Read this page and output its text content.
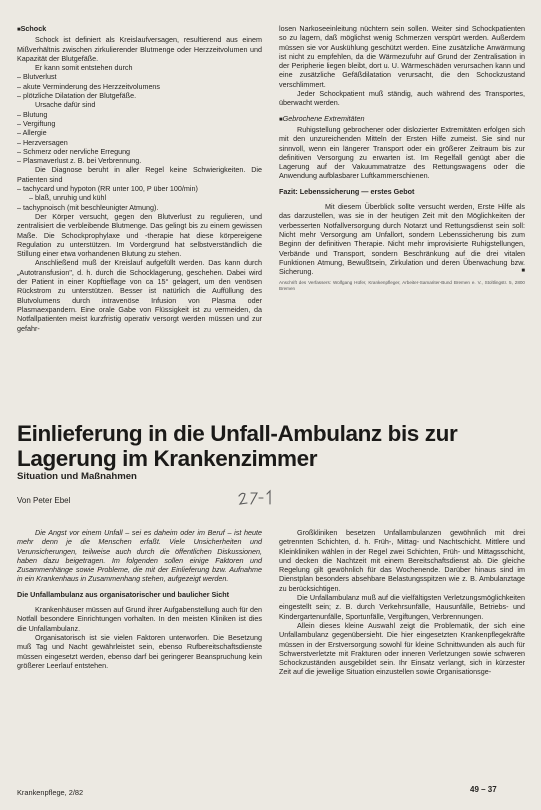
■ Schock

Schock ist definiert als Kreislaufversagen, resultierend aus einem Mißverhältnis zwischen zirkulierender Blutmenge oder Herzzeitvolumen und Kapazität der Blutgefäße.

Er kann somit entstehen durch

– Blutverlust

– akute Verminderung des Herzzeitvolumens

– plötzliche Dilatation der Blutgefäße.

Ursache dafür sind

– Blutung

– Vergiftung

– Allergie

– Herzversagen

– Schmerz oder nervliche Erregung

– Plasmaverlust z. B. bei Verbrennung.

Die Diagnose beruht in aller Regel keine Schwierigkeiten. Die Patienten sind

– tachycard und hypoton (RR unter 100, P über 100/min)

– blaß, unruhig und kühl

– tachypnoisch (mit beschleunigter Atmung).

Der Körper versucht, gegen den Blutverlust zu regulieren, und zentralisiert die verbleibende Blutmenge. Das gelingt bis zu einem gewissen Maße. Die Schockprophylaxe und -therapie hat diese körpereigene Regulation zu unterstützen. Im Vordergrund hat selbstverständlich die Stillung einer etwa vorhandenen Blutung zu stehen.

Anschließend muß der Kreislauf aufgefüllt werden. Das kann durch „Autotransfusion", d. h. durch die Schocklagerung, geschehen. Dabei wird der Patient in einer Kopftieflage von ca 15° gelagert, um den venösen Rückstrom zu unterstützen. Besser ist natürlich die Auffüllung des Blutvolumens durch intravenöse Infusion von Plasma oder Plasmaexpandern. Eine orale Gabe von Flüssigkeit ist zu vermeiden, da Notfallpatienten meist kurzfristig operativ versorgt werden müssen und zur gefahr-

losen Narkoseeinleitung nüchtern sein sollen. Weiter sind Schockpatienten so zu lagern, daß möglichst wenig Schmerzen verspürt werden. Außerdem müssen sie vor Auskühlung geschützt werden. Eine zusätzliche Anwärmung ist nicht zu empfehlen, da die Wärmezufuhr auf Grund der Zentralisation in der Peripherie liegen bleibt, dort u. U. Wärmeschäden verursachen kann und eine zusätzliche Gefäßdilatation verursacht, die den Schockzustand verschlimmert.

Jeder Schockpatient muß ständig, auch während des Transportes, überwacht werden.

■ Gebrochene Extremitäten

Ruhigstellung gebrochener oder dislozierter Extremitäten erfolgen sich mit den unzureichenden Mitteln der Ersten Hilfe zumeist. Sie sind nur sinnvoll, wenn ein längerer Transport oder ein größerer Zeitraum bis zur definitiven Versorgung zu erwarten ist. Im Regelfall genügt aber die Lagerung auf der Vakuummatratze des Rettungswagens oder die Anwendung aufblasbarer Luftkammerschienen.

Fazit: Lebenssicherung — erstes Gebot

Mit diesem Überblick sollte versucht werden, Erste Hilfe als das darzustellen, was sie in der heutigen Zeit mit den Möglichkeiten der verbesserten Notfallversorgung durch Notarzt und Rettungsdienst sein soll: Nicht mehr Versorgung am Unfallort, sondern Lebenssicherung bis zum Beginn der definitiven Therapie. Nicht mehr improvisierte Ruhigstellungen, Verbände und Transport, sondern Beschränkung auf die drei vitalen Funktionen Atmung, Bewußtsein, Zirkulation und deren Überwachung bzw. Sicherung.	■

Anschrift des Verfassers: Wolfgang Hüfer, Krankenpfleger, Arbeiter-Samariter-Bund Bremen e. V., Stoltlingstr. 5, 2800 Bremen

Einlieferung in die Unfall-Ambulanz bis zur Lagerung im Krankenzimmer
Situation und Maßnahmen
Von Peter Ebel

Die Angst vor einem Unfall – sei es daheim oder im Beruf – ist heute mehr denn je die Menschen erfaßt. Viele Unsicherheiten und Verunsicherungen, teilweise auch durch die öffentlichen Diskussionen, haben dazu beigetragen. Im folgenden sollen einige Faktoren und Zusammenhänge sowie Probleme, die mit der Einlieferung bzw. Aufnahme in ein Krankenhaus in Zusammenhang stehen, aufgezeigt werden.

Die Unfallambulanz aus organisatorischer und baulicher Sicht

Krankenhäuser müssen auf Grund ihrer Aufgabenstellung auch für den Notfall besondere Einrichtungen vorhalten. In den meisten Kliniken ist dies die Unfallambulanz.

Organisatorisch ist sie vielen Faktoren unterworfen. Die Besetzung muß Tag und Nacht gewährleistet sein, ebenso Rufbereitschaftsdienste müssen eingesetzt werden, ebenso darf bei geringerer Beanspruchung kein größerer Leerlauf entstehen.

Großkliniken besetzen Unfallambulanzen gewöhnlich mit drei getrennten Schichten, d. h. Früh-, Mittag- und Nachtschicht. Mittlere und Kleinkliniken wählen in der Regel zwei Schichten, Früh- und Mittagsschicht, und decken die Nachtzeit mit einem Bereitschaftsdienst ab. Die gleiche Regelung gilt gewöhnlich für das Wochenende. Darüber hinaus sind im Dienstplan besonders absehbare Belastungsspitzen wie z. B. Ambulanztage zu berücksichtigen.

Die Unfallambulanz muß auf die vielfältigsten Verletzungsmöglichkeiten eingestellt sein; z. B. durch Verkehrsunfälle, Hausunfälle, Betriebs- und Kindergartenunfälle, Sportunfälle, Vergiftungen, Verbrennungen.

Allein dieses kleine Auswahl zeigt die Problematik, der sich eine Unfallambulanz gegenübersieht. Die hier eingesetzten Krankenpflegekräfte müssen in der Erstversorgung sowohl für kleine Schnittwunden als auch für Schwerstverletzte mit Frakturen oder inneren Verletzungen sowie schweren Schockzuständen ausgebildet sein. Ihr Einsatz verlangt, sich in kürzester Zeit auf die jeweilige Situation einzustellen sowie Organisationsge-

Krankenpflege, 2/82	49 – 37
